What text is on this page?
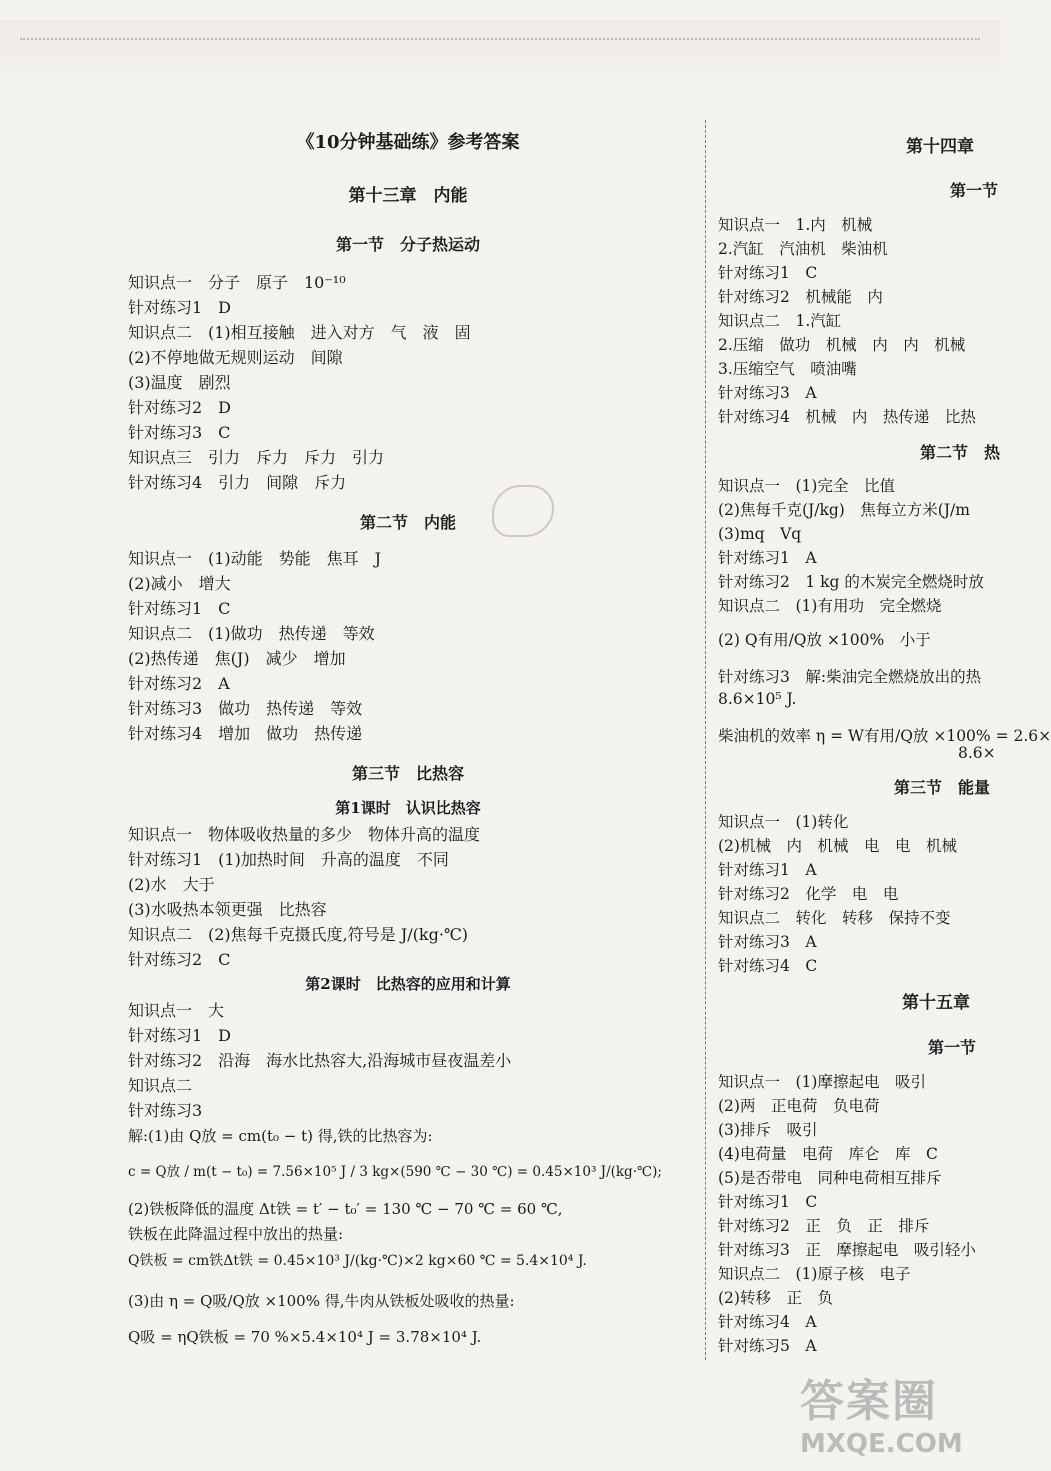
《10分钟基础练》参考答案
第十三章　内能
第一节　分子热运动
知识点一　分子　原子　10⁻¹⁰
针对练习1　D
知识点二　(1)相互接触　进入对方　气　液　固
(2)不停地做无规则运动　间隙
(3)温度　剧烈
针对练习2　D
针对练习3　C
知识点三　引力　斥力　斥力　引力
针对练习4　引力　间隙　斥力
第二节　内能
知识点一　(1)动能　势能　焦耳　J
(2)减小　增大
针对练习1　C
知识点二　(1)做功　热传递　等效
(2)热传递　焦(J)　减少　增加
针对练习2　A
针对练习3　做功　热传递　等效
针对练习4　增加　做功　热传递
第三节　比热容
第1课时　认识比热容
知识点一　物体吸收热量的多少　物体升高的温度
针对练习1　(1)加热时间　升高的温度　不同
(2)水　大于
(3)水吸热本领更强　比热容
知识点二　(2)焦每千克摄氏度,符号是 J/(kg·℃)
针对练习2　C
第2课时　比热容的应用和计算
知识点一　大
针对练习1　D
针对练习2　沿海　海水比热容大,沿海城市昼夜温差小
知识点二
针对练习3
解:(1)由 Q放 = cm(t₀ − t) 得,铁的比热容为:
c = Q放 / m(t − t₀) = 7.56×10⁵ J / 3 kg×(590 ℃ − 30 ℃) = 0.45×10³ J/(kg·℃);
(2)铁板降低的温度 Δt铁 = t′ − t₀′ = 130 ℃ − 70 ℃ = 60 ℃,
铁板在此降温过程中放出的热量:
Q铁板 = cm铁Δt铁 = 0.45×10³ J/(kg·℃)×2 kg×60 ℃ = 5.4×10⁴ J.
(3)由 η = Q吸/Q放 ×100% 得,牛肉从铁板处吸收的热量:
Q吸 = ηQ铁板 = 70 %×5.4×10⁴ J = 3.78×10⁴ J.
第十四章
第一节
知识点一　1.内　机械
2.汽缸　汽油机　柴油机
针对练习1　C
针对练习2　机械能　内
知识点二　1.汽缸
2.压缩　做功　机械　内　内　机械
3.压缩空气　喷油嘴
针对练习3　A
针对练习4　机械　内　热传递　比热
第二节　热
知识点一　(1)完全　比值
(2)焦每千克(J/kg)　焦每立方米(J/m
(3)mq　Vq
针对练习1　A
针对练习2　1 kg 的木炭完全燃烧时放
知识点二　(1)有用功　完全燃烧
(2) Q有用/Q放 ×100%　小于
针对练习3　解:柴油完全燃烧放出的热
8.6×10⁵ J.
柴油机的效率 η = W有用/Q放 ×100% = 2.6×
8.6×
第三节　能量
知识点一　(1)转化
(2)机械　内　机械　电　电　机械
针对练习1　A
针对练习2　化学　电　电
知识点二　转化　转移　保持不变
针对练习3　A
针对练习4　C
第十五章
第一节
知识点一　(1)摩擦起电　吸引
(2)两　正电荷　负电荷
(3)排斥　吸引
(4)电荷量　电荷　库仑　库　C
(5)是否带电　同种电荷相互排斥
针对练习1　C
针对练习2　正　负　正　排斥
针对练习3　正　摩擦起电　吸引轻小
知识点二　(1)原子核　电子
(2)转移　正　负
针对练习4　A
针对练习5　A
答案圈
MXQE.COM
